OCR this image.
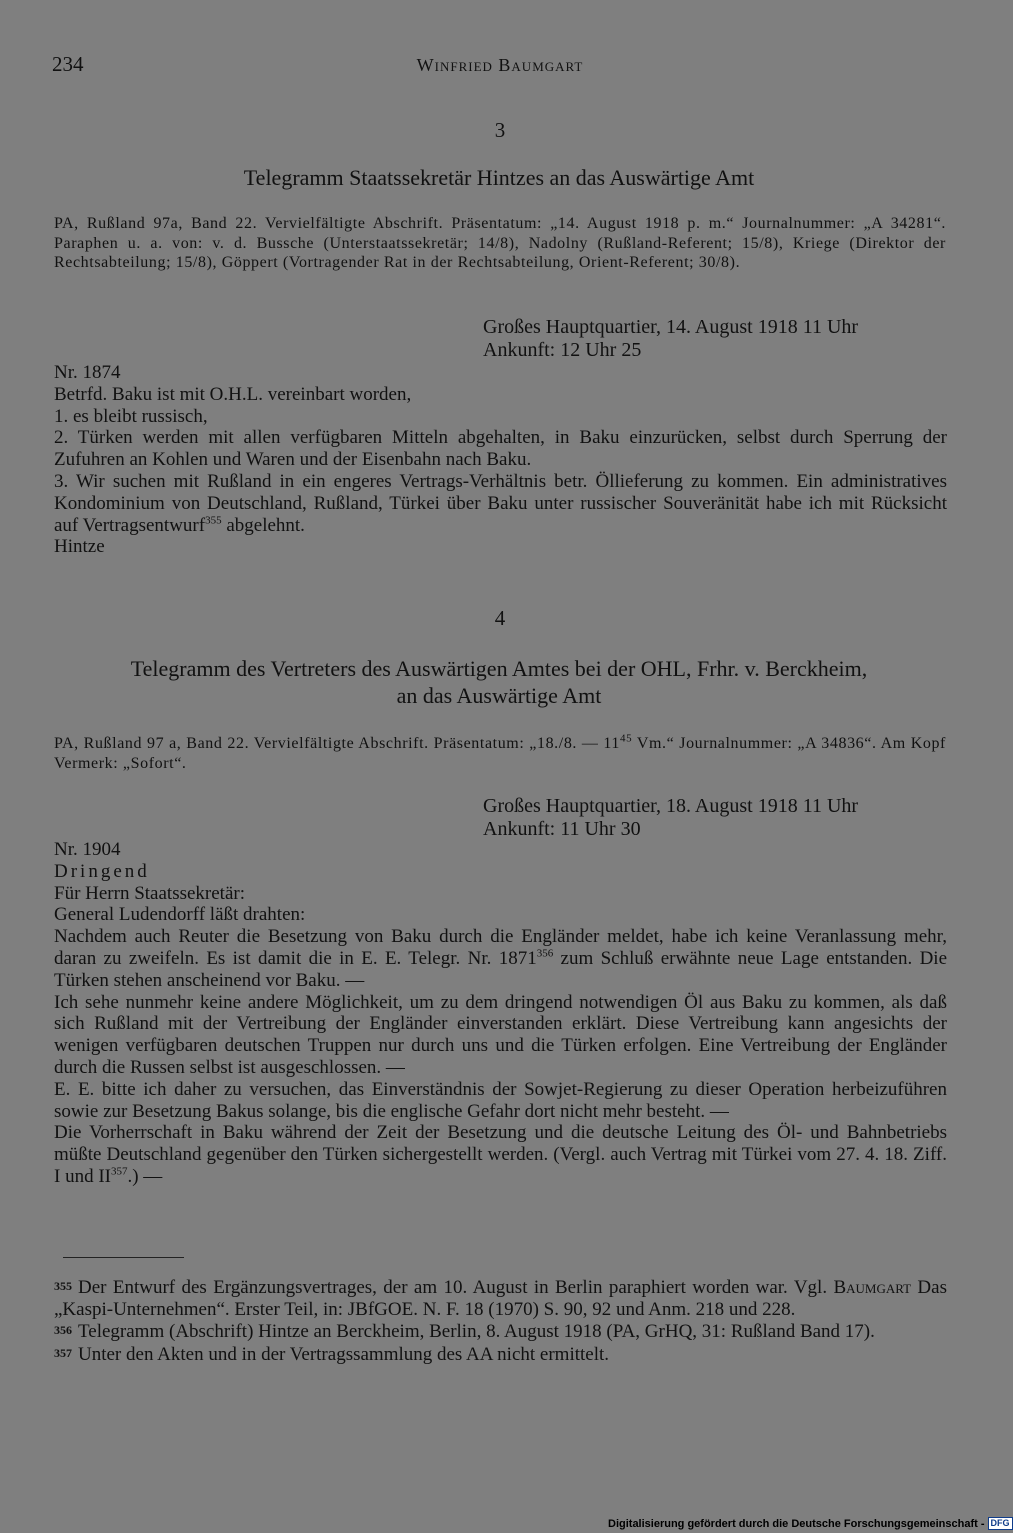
234	Winfried Baumgart
3
Telegramm Staatssekretär Hintzes an das Auswärtige Amt
PA, Rußland 97a, Band 22. Vervielfältigte Abschrift. Präsentatum: „14. August 1918 p. m.“ Journalnummer: „A 34281“. Paraphen u. a. von: v. d. Bussche (Unterstaatssekretär; 14/8), Nadolny (Rußland-Referent; 15/8), Kriege (Direktor der Rechtsabteilung; 15/8), Göppert (Vortragender Rat in der Rechtsabteilung, Orient-Referent; 30/8).
Großes Hauptquartier, 14. August 1918 11 Uhr
Ankunft: 12 Uhr 25

Nr. 1874

Betrfd. Baku ist mit O.H.L. vereinbart worden,

1. es bleibt russisch,

2. Türken werden mit allen verfügbaren Mitteln abgehalten, in Baku einzurücken, selbst durch Sperrung der Zufuhren an Kohlen und Waren und der Eisenbahn nach Baku.

3. Wir suchen mit Rußland in ein engeres Vertrags-Verhältnis betr. Öllieferung zu kommen. Ein administratives Kondominium von Deutschland, Rußland, Türkei über Baku unter russischer Souveränität habe ich mit Rücksicht auf Vertragsentwurf$^{355}$ abgelehnt.

Hintze

4
Telegramm des Vertreters des Auswärtigen Amtes bei der OHL, Frhr. v. Berckheim,
an das Auswärtige Amt
PA, Rußland 97 a, Band 22. Vervielfältigte Abschrift. Präsentatum: „18./8. — $11^{45}$ Vm.“ Journalnummer: „A 34836“. Am Kopf Vermerk: „Sofort“.
Großes Hauptquartier, 18. August 1918 11 Uhr
Ankunft: 11 Uhr 30

Nr. 1904

Dringend

Für Herrn Staatssekretär:

General Ludendorff läßt drahten:

Nachdem auch Reuter die Besetzung von Baku durch die Engländer meldet, habe ich keine Veranlassung mehr, daran zu zweifeln. Es ist damit die in E. E. Telegr. Nr. 1871$^{356}$ zum Schluß erwähnte neue Lage entstanden. Die Türken stehen anscheinend vor Baku. —

Ich sehe nunmehr keine andere Möglichkeit, um zu dem dringend notwendigen Öl aus Baku zu kommen, als daß sich Rußland mit der Vertreibung der Engländer einverstanden erklärt. Diese Vertreibung kann angesichts der wenigen verfügbaren deutschen Truppen nur durch uns und die Türken erfolgen. Eine Vertreibung der Engländer durch die Russen selbst ist ausgeschlossen. —

E. E. bitte ich daher zu versuchen, das Einverständnis der Sowjet-Regierung zu dieser Operation herbeizuführen sowie zur Besetzung Bakus solange, bis die englische Gefahr dort nicht mehr besteht. —

Die Vorherrschaft in Baku während der Zeit der Besetzung und die deutsche Leitung des Öl- und Bahnbetriebs müßte Deutschland gegenüber den Türken sichergestellt werden. (Vergl. auch Vertrag mit Türkei vom 27. 4. 18. Ziff. I und II$^{357}$.) —

355 Der Entwurf des Ergänzungsvertrages, der am 10. August in Berlin paraphiert worden war. Vgl. Baumgart Das „Kaspi-Unternehmen“. Erster Teil, in: JBfGOE. N. F. 18 (1970) S. 90, 92 und Anm. 218 und 228.

356 Telegramm (Abschrift) Hintze an Berckheim, Berlin, 8. August 1918 (PA, GrHQ, 31: Rußland Band 17).

357 Unter den Akten und in der Vertragssammlung des AA nicht ermittelt.

Digitalisierung gefördert durch die Deutsche Forschungsgemeinschaft - DFG
